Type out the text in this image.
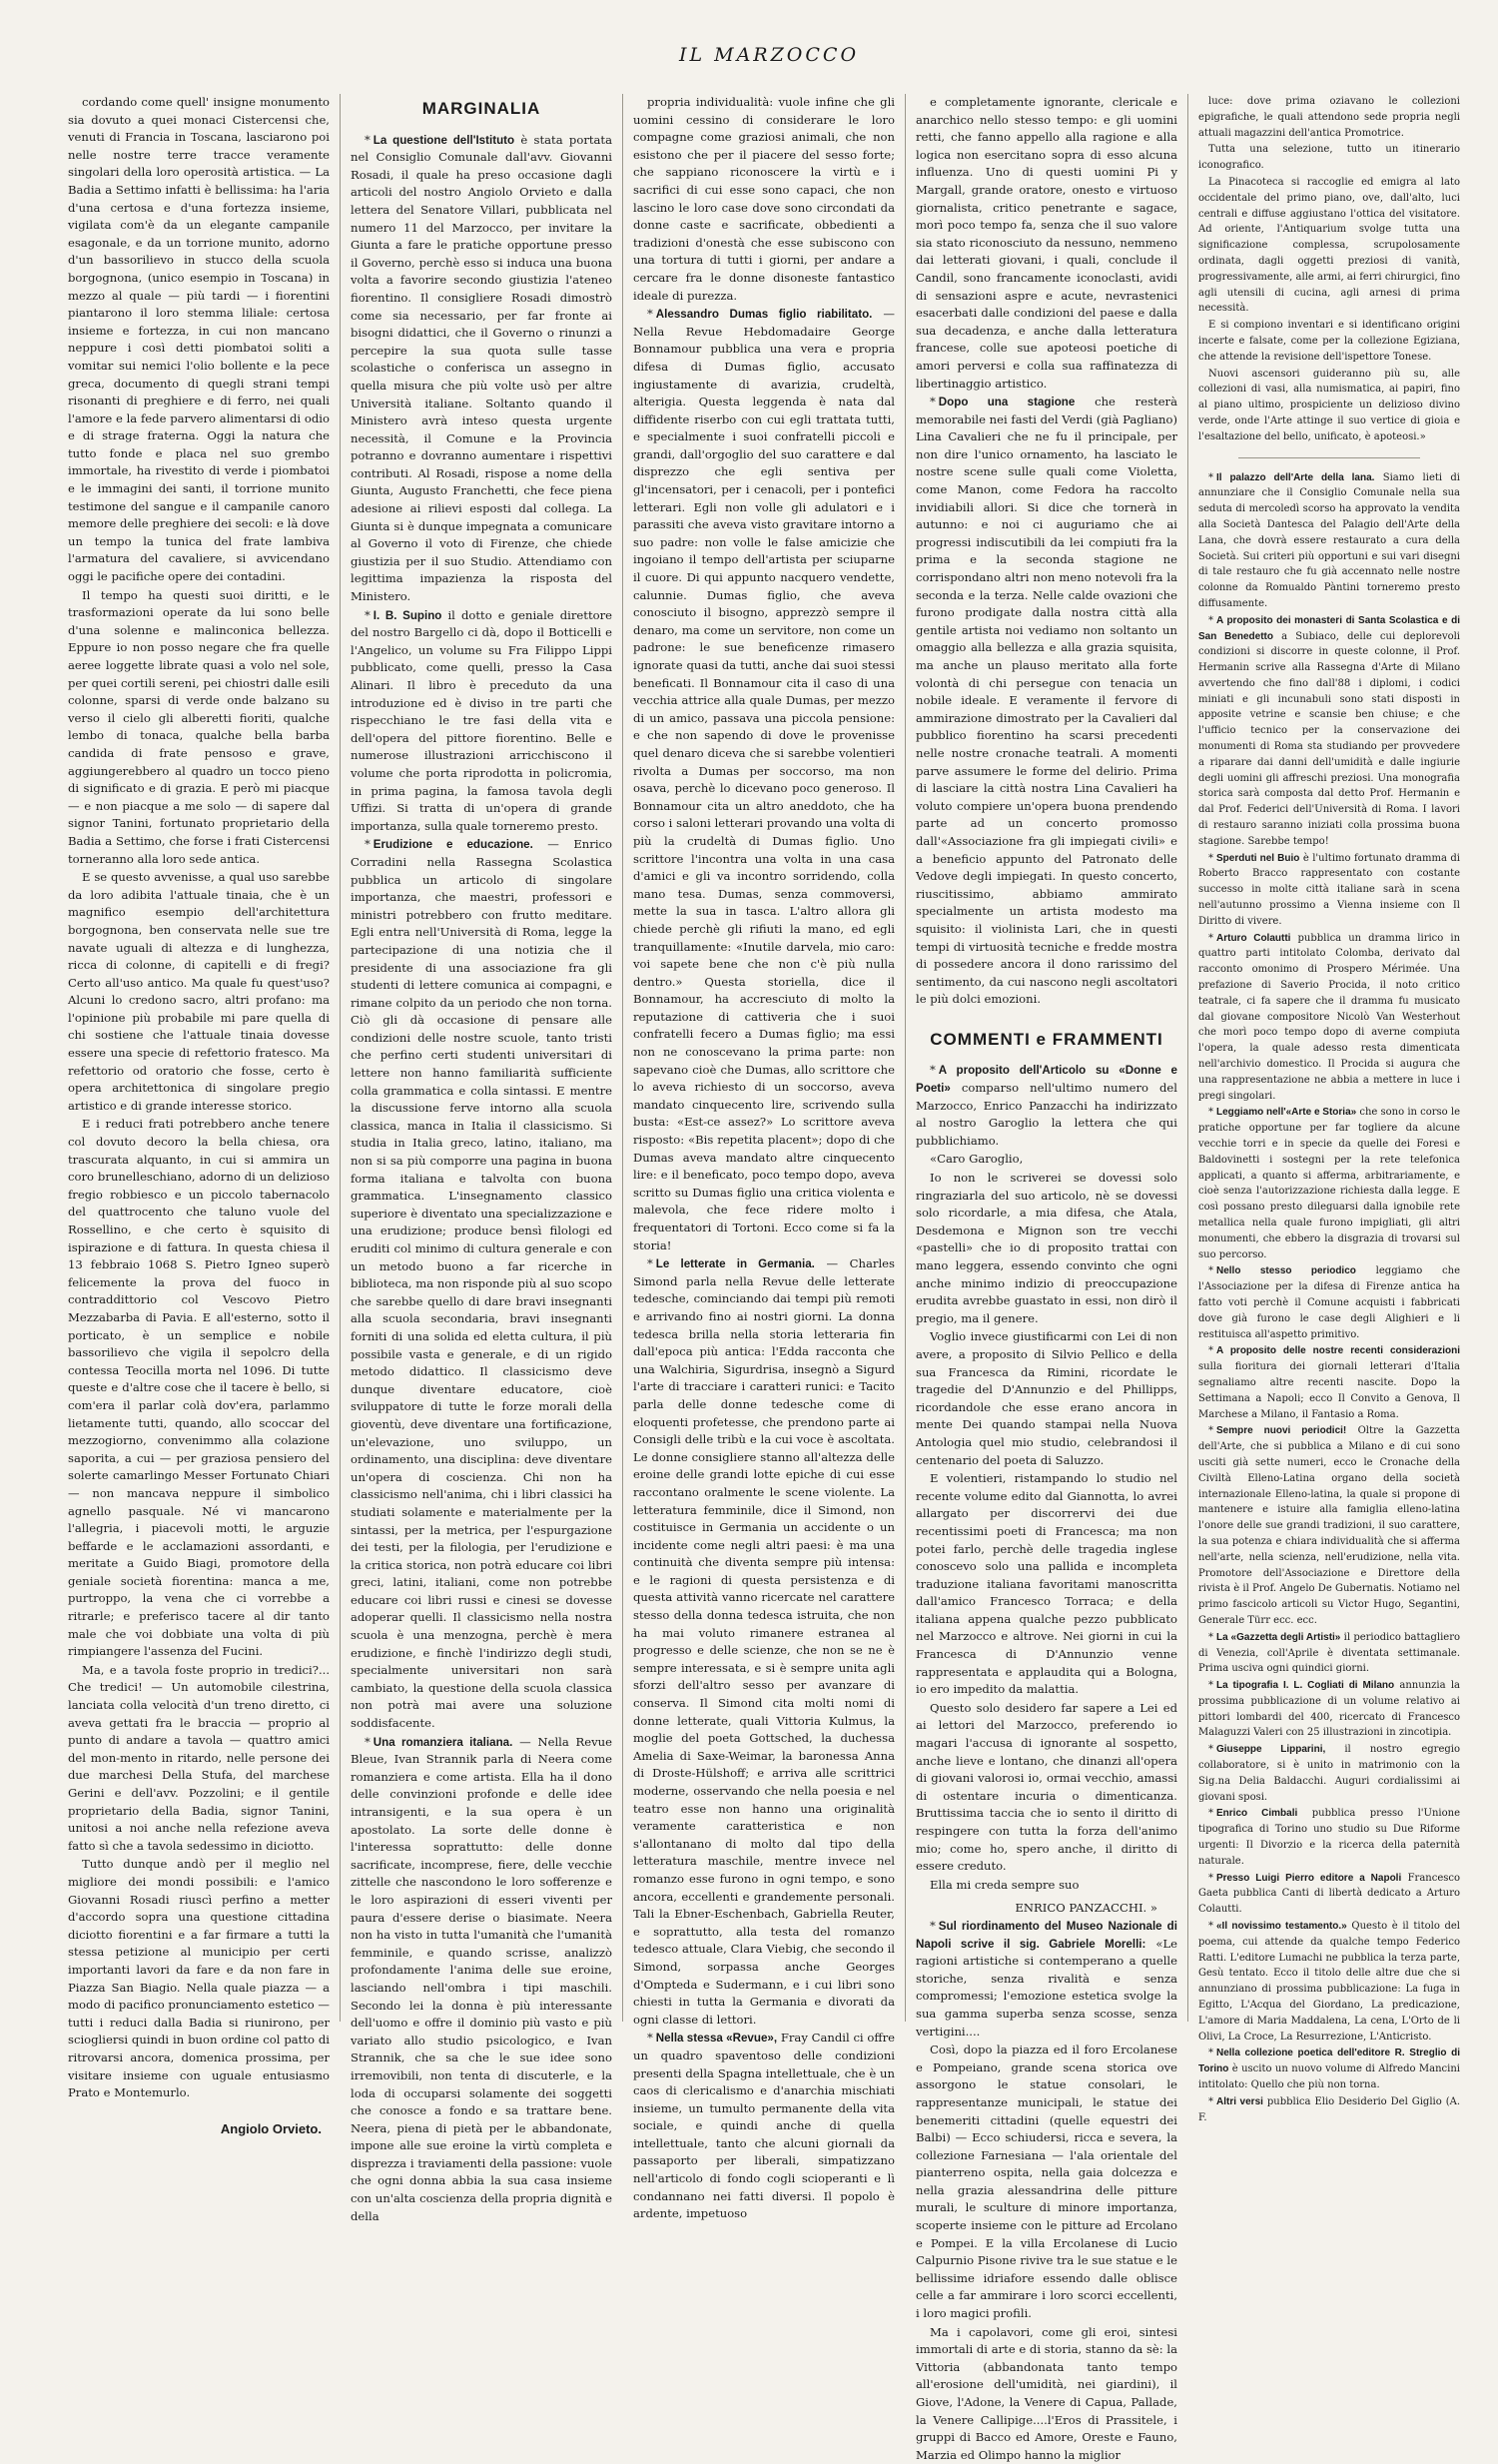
IL MARZOCCO

cordando come quell' insigne monumento sia dovuto a quei monaci Cistercensi che, venuti di Francia in Toscana, lasciarono poi nelle nostre terre tracce veramente singolari della loro operosità artistica. — La Badia a Settimo infatti è bellissima: ha l'aria d'una certosa e d'una fortezza insieme, vigilata com'è da un elegante campanile esagonale, e da un torrione munito, adorno d'un bassorilievo in stucco della scuola borgognona, (unico esempio in Toscana) in mezzo al quale — più tardi — i fiorentini piantarono il loro stemma liliale: certosa insieme e fortezza, in cui non mancano neppure i così detti piombatoi soliti a vomitar sui nemici l'olio bollente e la pece greca, documento di quegli strani tempi risonanti di preghiere e di ferro, nei quali l'amore e la fede parvero alimentarsi di odio e di strage fraterna. Oggi la natura che tutto fonde e placa nel suo grembo immortale, ha rivestito di verde i piombatoi e le immagini dei santi, il torrione munito testimone del sangue e il campanile canoro memore delle preghiere dei secoli: e là dove un tempo la tunica del frate lambiva l'armatura del cavaliere, si avvicendano oggi le pacifiche opere dei contadini.

Il tempo ha questi suoi diritti, e le trasformazioni operate da lui sono belle d'una solenne e malinconica bellezza. Eppure io non posso negare che fra quelle aeree loggette librate quasi a volo nel sole, per quei cortili sereni, pei chiostri dalle esili colonne, sparsi di verde onde balzano su verso il cielo gli alberetti fioriti, qualche lembo di tonaca, qualche bella barba candida di frate pensoso e grave, aggiungerebbero al quadro un tocco pieno di significato e di grazia. E però mi piacque — e non piacque a me solo — di sapere dal signor Tanini, fortunato proprietario della Badia a Settimo, che forse i frati Cistercensi torneranno alla loro sede antica.

E se questo avvenisse, a qual uso sarebbe da loro adibita l'attuale tinaia, che è un magnifico esempio dell'architettura borgognona, ben conservata nelle sue tre navate uguali di altezza e di lunghezza, ricca di colonne, di capitelli e di fregi? Certo all'uso antico. Ma quale fu quest'uso? Alcuni lo credono sacro, altri profano: ma l'opinione più probabile mi pare quella di chi sostiene che l'attuale tinaia dovesse essere una specie di refettorio fratesco. Ma refettorio od oratorio che fosse, certo è opera architettonica di singolare pregio artistico e di grande interesse storico.

E i reduci frati potrebbero anche tenere col dovuto decoro la bella chiesa, ora trascurata alquanto, in cui si ammira un coro brunelleschiano, adorno di un delizioso fregio robbiesco e un piccolo tabernacolo del quattrocento che taluno vuole del Rossellino, e che certo è squisito di ispirazione e di fattura. In questa chiesa il 13 febbraio 1068 S. Pietro Igneo superò felicemente la prova del fuoco in contraddittorio col Vescovo Pietro Mezzabarba di Pavia. E all'esterno, sotto il porticato, è un semplice e nobile bassorilievo che vigila il sepolcro della contessa Teocilla morta nel 1096. Di tutte queste e d'altre cose che il tacere è bello, si com'era il parlar colà dov'era, parlammo lietamente tutti, quando, allo scoccar del mezzogiorno, convenimmo alla colazione saporita, a cui — per graziosa pensiero del solerte camarlingo Messer Fortunato Chiari — non mancava neppure il simbolico agnello pasquale. Né vi mancarono l'allegria, i piacevoli motti, le arguzie beffarde e le acclamazioni assordanti, e meritate a Guido Biagi, promotore della geniale società fiorentina: manca a me, purtroppo, la vena che ci vorrebbe a ritrarle; e preferisco tacere al dir tanto male che voi dobbiate una volta di più rimpiangere l'assenza del Fucini.

Ma, e a tavola foste proprio in tredici?... Che tredici! — Un automobile cilestrina, lanciata colla velocità d'un treno diretto, ci aveva gettati fra le braccia — proprio al punto di andare a tavola — quattro amici del mon-mento in ritardo, nelle persone dei due marchesi Della Stufa, del marchese Gerini e dell'avv. Pozzolini; e il gentile proprietario della Badia, signor Tanini, unitosi a noi anche nella refezione aveva fatto sì che a tavola sedessimo in diciotto.

Tutto dunque andò per il meglio nel migliore dei mondi possibili: e l'amico Giovanni Rosadi riuscì perfino a metter d'accordo sopra una questione cittadina diciotto fiorentini e a far firmare a tutti la stessa petizione al municipio per certi importanti lavori da fare e da non fare in Piazza San Biagio. Nella quale piazza — a modo di pacifico pronunciamento estetico — tutti i reduci dalla Badia si riunirono, per sciogliersi quindi in buon ordine col patto di ritrovarsi ancora, domenica prossima, per visitare insieme con uguale entusiasmo Prato e Montemurlo.

Angiolo Orvieto.
MARGINALIA

* La questione dell'Istituto è stata portata nel Consiglio Comunale dall'avv. Giovanni Rosadi, il quale ha preso occasione dagli articoli del nostro Angiolo Orvieto e dalla lettera del Senatore Villari, pubblicata nel numero 11 del Marzocco, per invitare la Giunta a fare le pratiche opportune presso il Governo, perchè esso si induca una buona volta a favorire secondo giustizia l'ateneo fiorentino. Il consigliere Rosadi dimostrò come sia necessario, per far fronte ai bisogni didattici, che il Governo o rinunzi a percepire la sua quota sulle tasse scolastiche o conferisca un assegno in quella misura che più volte usò per altre Università italiane. Soltanto quando il Ministero avrà inteso questa urgente necessità, il Comune e la Provincia potranno e dovranno aumentare i rispettivi contributi. Al Rosadi, rispose a nome della Giunta, Augusto Franchetti, che fece piena adesione ai rilievi esposti dal collega. La Giunta si è dunque impegnata a comunicare al Governo il voto di Firenze, che chiede giustizia per il suo Studio. Attendiamo con legittima impazienza la risposta del Ministero.

* I. B. Supino il dotto e geniale direttore del nostro Bargello ci dà, dopo il Botticelli e l'Angelico, un volume su Fra Filippo Lippi pubblicato, come quelli, presso la Casa Alinari. Il libro è preceduto da una introduzione ed è diviso in tre parti che rispecchiano le tre fasi della vita e dell'opera del pittore fiorentino. Belle e numerose illustrazioni arricchiscono il volume che porta riprodotta in policromia, in prima pagina, la famosa tavola degli Uffizi. Si tratta di un'opera di grande importanza, sulla quale torneremo presto.

* Erudizione e educazione. — Enrico Corradini nella Rassegna Scolastica pubblica un articolo di singolare importanza, che maestri, professori e ministri potrebbero con frutto meditare. Egli entra nell'Università di Roma, legge la partecipazione di una notizia che il presidente di una associazione fra gli studenti di lettere comunica ai compagni, e rimane colpito da un periodo che non torna. Ciò gli dà occasione di pensare alle condizioni delle nostre scuole, tanto tristi che perfino certi studenti universitari di lettere non hanno familiarità sufficiente colla grammatica e colla sintassi. E mentre la discussione ferve intorno alla scuola classica, manca in Italia il classicismo. Si studia in Italia greco, latino, italiano, ma non si sa più comporre una pagina in buona forma italiana e talvolta con buona grammatica. L'insegnamento classico superiore è diventato una specializzazione e una erudizione; produce bensì filologi ed eruditi col minimo di cultura generale e con un metodo buono a far ricerche in biblioteca, ma non risponde più al suo scopo che sarebbe quello di dare bravi insegnanti alla scuola secondaria, bravi insegnanti forniti di una solida ed eletta cultura, il più possibile vasta e generale, e di un rigido metodo didattico. Il classicismo deve dunque diventare educatore, cioè sviluppatore di tutte le forze morali della gioventù, deve diventare una fortificazione, un'elevazione, uno sviluppo, un ordinamento, una disciplina: deve diventare un'opera di coscienza. Chi non ha classicismo nell'anima, chi i libri classici ha studiati solamente e materialmente per la sintassi, per la metrica, per l'espurgazione dei testi, per la filologia, per l'erudizione e la critica storica, non potrà educare coi libri greci, latini, italiani, come non potrebbe educare coi libri russi e cinesi se dovesse adoperar quelli. Il classicismo nella nostra scuola è una menzogna, perchè è mera erudizione, e finchè l'indirizzo degli studi, specialmente universitari non sarà cambiato, la questione della scuola classica non potrà mai avere una soluzione soddisfacente.

* Una romanziera italiana. — Nella Revue Bleue, Ivan Strannik parla di Neera come romanziera e come artista. Ella ha il dono delle convinzioni profonde e delle idee intransigenti, e la sua opera è un apostolato. La sorte delle donne è l'interessa soprattutto: delle donne sacrificate, incomprese, fiere, delle vecchie zittelle che nascondono le loro sofferenze e le loro aspirazioni di esseri viventi per paura d'essere derise o biasimate. Neera non ha visto in tutta l'umanità che l'umanità femminile, e quando scrisse, analizzò profondamente l'anima delle sue eroine, lasciando nell'ombra i tipi maschili. Secondo lei la donna è più interessante dell'uomo e offre il dominio più vasto e più variato allo studio psicologico, e Ivan Strannik, che sa che le sue idee sono irremovibili, non tenta di discuterle, e la loda di occuparsi solamente dei soggetti che conosce a fondo e sa trattare bene. Neera, piena di pietà per le abbandonate, impone alle sue eroine la virtù completa e disprezza i traviamenti della passione: vuole che ogni donna abbia la sua casa insieme con un'alta coscienza della propria dignità e della

propria individualità: vuole infine che gli uomini cessino di considerare le loro compagne come graziosi animali, che non esistono che per il piacere del sesso forte; che sappiano riconoscere la virtù e i sacrifici di cui esse sono capaci, che non lascino le loro case dove sono circondati da donne caste e sacrificate, obbedienti a tradizioni d'onestà che esse subiscono con una tortura di tutti i giorni, per andare a cercare fra le donne disoneste fantastico ideale di purezza.

* Alessandro Dumas figlio riabilitato. — Nella Revue Hebdomadaire George Bonnamour pubblica una vera e propria difesa di Dumas figlio, accusato ingiustamente di avarizia, crudeltà, alterigia. Questa leggenda è nata dal diffidente riserbo con cui egli trattata tutti, e specialmente i suoi confratelli piccoli e grandi, dall'orgoglio del suo carattere e dal disprezzo che egli sentiva per gl'incensatori, per i cenacoli, per i pontefici letterari. Egli non volle gli adulatori e i parassiti che aveva visto gravitare intorno a suo padre: non volle le false amicizie che ingoiano il tempo dell'artista per sciuparne il cuore. Di qui appunto nacquero vendette, calunnie. Dumas figlio, che aveva conosciuto il bisogno, apprezzò sempre il denaro, ma come un servitore, non come un padrone: le sue beneficenze rimasero ignorate quasi da tutti, anche dai suoi stessi beneficati. Il Bonnamour cita il caso di una vecchia attrice alla quale Dumas, per mezzo di un amico, passava una piccola pensione: e che non sapendo di dove le provenisse quel denaro diceva che si sarebbe volentieri rivolta a Dumas per soccorso, ma non osava, perchè lo dicevano poco generoso. Il Bonnamour cita un altro aneddoto, che ha corso i saloni letterari provando una volta di più la crudeltà di Dumas figlio. Uno scrittore l'incontra una volta in una casa d'amici e gli va incontro sorridendo, colla mano tesa. Dumas, senza commoversi, mette la sua in tasca. L'altro allora gli chiede perchè gli rifiuti la mano, ed egli tranquillamente: «Inutile darvela, mio caro: voi sapete bene che non c'è più nulla dentro.» Questa storiella, dice il Bonnamour, ha accresciuto di molto la reputazione di cattiveria che i suoi confratelli fecero a Dumas figlio; ma essi non ne conoscevano la prima parte: non sapevano cioè che Dumas, allo scrittore che lo aveva richiesto di un soccorso, aveva mandato cinquecento lire, scrivendo sulla busta: «Est-ce assez?» Lo scrittore aveva risposto: «Bis repetita placent»; dopo di che Dumas aveva mandato altre cinquecento lire: e il beneficato, poco tempo dopo, aveva scritto su Dumas figlio una critica violenta e malevola, che fece ridere molto i frequentatori di Tortoni. Ecco come si fa la storia!

* Le letterate in Germania. — Charles Simond parla nella Revue delle letterate tedesche, cominciando dai tempi più remoti e arrivando fino ai nostri giorni. La donna tedesca brilla nella storia letteraria fin dall'epoca più antica: l'Edda racconta che una Walchiria, Sigurdrisa, insegnò a Sigurd l'arte di tracciare i caratteri runici: e Tacito parla delle donne tedesche come di eloquenti profetesse, che prendono parte ai Consigli delle tribù e la cui voce è ascoltata. Le donne consigliere stanno all'altezza delle eroine delle grandi lotte epiche di cui esse raccontano oralmente le scene violente. La letteratura femminile, dice il Simond, non costituisce in Germania un accidente o un incidente come negli altri paesi: è ma una continuità che diventa sempre più intensa: e le ragioni di questa persistenza e di questa attività vanno ricercate nel carattere stesso della donna tedesca istruita, che non ha mai voluto rimanere estranea al progresso e delle scienze, che non se ne è sempre interessata, e si è sempre unita agli sforzi dell'altro sesso per avanzare di conserva. Il Simond cita molti nomi di donne letterate, quali Vittoria Kulmus, la moglie del poeta Gottsched, la duchessa Amelia di Saxe-Weimar, la baronessa Anna di Droste-Hülshoff; e arriva alle scrittrici moderne, osservando che nella poesia e nel teatro esse non hanno una originalità veramente caratteristica e non s'allontanano di molto dal tipo della letteratura maschile, mentre invece nel romanzo esse furono in ogni tempo, e sono ancora, eccellenti e grandemente personali. Tali la Ebner-Eschenbach, Gabriella Reuter, e soprattutto, alla testa del romanzo tedesco attuale, Clara Viebig, che secondo il Simond, sorpassa anche Georges d'Ompteda e Sudermann, e i cui libri sono chiesti in tutta la Germania e divorati da ogni classe di lettori.

* Nella stessa «Revue», Fray Candil ci offre un quadro spaventoso delle condizioni presenti della Spagna intellettuale, che è un caos di clericalismo e d'anarchia mischiati insieme, un tumulto permanente della vita sociale, e quindi anche di quella intellettuale, tanto che alcuni giornali da passaporto per liberali, simpatizzano nell'articolo di fondo cogli scioperanti e lì condannano nei fatti diversi. Il popolo è ardente, impetuoso

e completamente ignorante, clericale e anarchico nello stesso tempo: e gli uomini retti, che fanno appello alla ragione e alla logica non esercitano sopra di esso alcuna influenza. Uno di questi uomini Pi y Margall, grande oratore, onesto e virtuoso giornalista, critico penetrante e sagace, morì poco tempo fa, senza che il suo valore sia stato riconosciuto da nessuno, nemmeno dai letterati giovani, i quali, conclude il Candil, sono francamente iconoclasti, avidi di sensazioni aspre e acute, nevrastenici esacerbati dalle condizioni del paese e dalla sua decadenza, e anche dalla letteratura francese, colle sue apoteosi poetiche di amori perversi e colla sua raffinatezza di libertinaggio artistico.

* Dopo una stagione che resterà memorabile nei fasti del Verdi (già Pagliano) Lina Cavalieri che ne fu il principale, per non dire l'unico ornamento, ha lasciato le nostre scene sulle quali come Violetta, come Manon, come Fedora ha raccolto invidiabili allori. Si dice che tornerà in autunno: e noi ci auguriamo che ai progressi indiscutibili da lei compiuti fra la prima e la seconda stagione ne corrispondano altri non meno notevoli fra la seconda e la terza. Nelle calde ovazioni che furono prodigate dalla nostra città alla gentile artista noi vediamo non soltanto un omaggio alla bellezza e alla grazia squisita, ma anche un plauso meritato alla forte volontà di chi persegue con tenacia un nobile ideale. E veramente il fervore di ammirazione dimostrato per la Cavalieri dal pubblico fiorentino ha scarsi precedenti nelle nostre cronache teatrali. A momenti parve assumere le forme del delirio. Prima di lasciare la città nostra Lina Cavalieri ha voluto compiere un'opera buona prendendo parte ad un concerto promosso dall'«Associazione fra gli impiegati civili» e a beneficio appunto del Patronato delle Vedove degli impiegati. In questo concerto, riuscitissimo, abbiamo ammirato specialmente un artista modesto ma squisito: il violinista Lari, che in questi tempi di virtuosità tecniche e fredde mostra di possedere ancora il dono rarissimo del sentimento, da cui nascono negli ascoltatori le più dolci emozioni.

COMMENTI e FRAMMENTI

* A proposito dell'Articolo su «Donne e Poeti» comparso nell'ultimo numero del Marzocco, Enrico Panzacchi ha indirizzato al nostro Garoglio la lettera che qui pubblichiamo.

«Caro Garoglio,

Io non le scriverei se dovessi solo ringraziarla del suo articolo, nè se dovessi solo ricordarle, a mia difesa, che Atala, Desdemona e Mignon son tre vecchi «pastelli» che io di proposito trattai con mano leggera, essendo convinto che ogni anche minimo indizio di preoccupazione erudita avrebbe guastato in essi, non dirò il pregio, ma il genere.

Voglio invece giustificarmi con Lei di non avere, a proposito di Silvio Pellico e della sua Francesca da Rimini, ricordate le tragedie del D'Annunzio e del Phillipps, ricordandole che esse erano ancora in mente Dei quando stampai nella Nuova Antologia quel mio studio, celebrandosi il centenario del poeta di Saluzzo.

E volentieri, ristampando lo studio nel recente volume edito dal Giannotta, lo avrei allargato per discorrervi dei due recentissimi poeti di Francesca; ma non potei farlo, perchè delle tragedia inglese conoscevo solo una pallida e incompleta traduzione italiana favoritami manoscritta dall'amico Francesco Torraca; e della italiana appena qualche pezzo pubblicato nel Marzocco e altrove. Nei giorni in cui la Francesca di D'Annunzio venne rappresentata e applaudita qui a Bologna, io ero impedito da malattia.

Questo solo desidero far sapere a Lei ed ai lettori del Marzocco, preferendo io magari l'accusa di ignorante al sospetto, anche lieve e lontano, che dinanzi all'opera di giovani valorosi io, ormai vecchio, amassi di ostentare incuria o dimenticanza. Bruttissima taccia che io sento il diritto di respingere con tutta la forza dell'animo mio; come ho, spero anche, il diritto di essere creduto.

Ella mi creda sempre suo

ENRICO PANZACCHI. »

* Sul riordinamento del Museo Nazionale di Napoli scrive il sig. Gabriele Morelli: «Le ragioni artistiche si contemperano a quelle storiche, senza rivalità e senza compromessi; l'emozione estetica svolge la sua gamma superba senza scosse, senza vertigini....

Così, dopo la piazza ed il foro Ercolanese e Pompeiano, grande scena storica ove assorgono le statue consolari, le rappresentanze municipali, le statue dei benemeriti cittadini (quelle equestri dei Balbi) — Ecco schiudersi, ricca e severa, la collezione Farnesiana — l'ala orientale del pianterreno ospita, nella gaia dolcezza e nella grazia alessandrina delle pitture murali, le sculture di minore importanza, scoperte insieme con le pitture ad Ercolano e Pompei. E la villa Ercolanese di Lucio Calpurnio Pisone rivive tra le sue statue e le bellissime idriafore essendo dalle oblisce celle a far ammirare i loro scorci eccellenti, i loro magici profili.

Ma i capolavori, come gli eroi, sintesi immortali di arte e di storia, stanno da sè: la Vittoria (abbandonata tanto tempo all'erosione dell'umidità, nei giardini), il Giove, l'Adone, la Venere di Capua, Pallade, la Venere Callipige....l'Eros di Prassitele, i gruppi di Bacco ed Amore, Oreste e Fauno, Marzia ed Olimpo hanno la miglior

luce: dove prima oziavano le collezioni epigrafiche, le quali attendono sede propria negli attuali magazzini dell'antica Promotrice.

Tutta una selezione, tutto un itinerario iconografico.

La Pinacoteca si raccoglie ed emigra al lato occidentale del primo piano, ove, dall'alto, luci centrali e diffuse aggiustano l'ottica del visitatore. Ad oriente, l'Antiquarium svolge tutta una significazione complessa, scrupolosamente ordinata, dagli oggetti preziosi di vanità, progressivamente, alle armi, ai ferri chirurgici, fino agli utensili di cucina, agli arnesi di prima necessità.

E si compiono inventari e si identificano origini incerte e falsate, come per la collezione Egiziana, che attende la revisione dell'ispettore Tonese.

Nuovi ascensori guideranno più su, alle collezioni di vasi, alla numismatica, ai papiri, fino al piano ultimo, prospiciente un delizioso divino verde, onde l'Arte attinge il suo vertice di gioia e l'esaltazione del bello, unificato, è apoteosi.»

* Il palazzo dell'Arte della lana. Siamo lieti di annunziare che il Consiglio Comunale nella sua seduta di mercoledì scorso ha approvato la vendita alla Società Dantesca del Palagio dell'Arte della Lana, che dovrà essere restaurato a cura della Società. Sui criteri più opportuni e sui vari disegni di tale restauro che fu già accennato nelle nostre colonne da Romualdo Pàntini torneremo presto diffusamente.

* A proposito dei monasteri di Santa Scolastica e di San Benedetto a Subiaco, delle cui deplorevoli condizioni si discorre in queste colonne, il Prof. Hermanin scrive alla Rassegna d'Arte di Milano avvertendo che fino dall'88 i diplomi, i codici miniati e gli incunabuli sono stati disposti in apposite vetrine e scansie ben chiuse; e che l'ufficio tecnico per la conservazione dei monumenti di Roma sta studiando per provvedere a riparare dai danni dell'umidità e dalle ingiurie degli uomini gli affreschi preziosi. Una monografia storica sarà composta dal detto Prof. Hermanin e dal Prof. Federici dell'Università di Roma. I lavori di restauro saranno iniziati colla prossima buona stagione. Sarebbe tempo!

* Sperduti nel Buio è l'ultimo fortunato dramma di Roberto Bracco rappresentato con costante successo in molte città italiane sarà in scena nell'autunno prossimo a Vienna insieme con Il Diritto di vivere.

* Arturo Colautti pubblica un dramma lirico in quattro parti intitolato Colomba, derivato dal racconto omonimo di Prospero Mérimée. Una prefazione di Saverio Procida, il noto critico teatrale, ci fa sapere che il dramma fu musicato dal giovane compositore Nicolò Van Westerhout che morì poco tempo dopo di averne compiuta l'opera, la quale adesso resta dimenticata nell'archivio domestico. Il Procida si augura che una rappresentazione ne abbia a mettere in luce i pregi singolari.

* Leggiamo nell'«Arte e Storia» che sono in corso le pratiche opportune per far togliere da alcune vecchie torri e in specie da quelle dei Foresi e Baldovinetti i sostegni per la rete telefonica applicati, a quanto si afferma, arbitrariamente, e cioè senza l'autorizzazione richiesta dalla legge. E così possano presto dileguarsi dalla ignobile rete metallica nella quale furono impigliati, gli altri monumenti, che ebbero la disgrazia di trovarsi sul suo percorso.

* Nello stesso periodico leggiamo che l'Associazione per la difesa di Firenze antica ha fatto voti perchè il Comune acquisti i fabbricati dove già furono le case degli Alighieri e li restituisca all'aspetto primitivo.

* A proposito delle nostre recenti considerazioni sulla fioritura dei giornali letterari d'Italia segnaliamo altre recenti nascite. Dopo la Settimana a Napoli; ecco Il Convito a Genova, Il Marchese a Milano, il Fantasio a Roma.

* Sempre nuovi periodici! Oltre la Gazzetta dell'Arte, che si pubblica a Milano e di cui sono usciti già sette numeri, ecco le Cronache della Civiltà Elleno-Latina organo della società internazionale Elleno-latina, la quale si propone di mantenere e istuire alla famiglia elleno-latina l'onore delle sue grandi tradizioni, il suo carattere, la sua potenza e chiara individualità che si afferma nell'arte, nella scienza, nell'erudizione, nella vita. Promotore dell'Associazione e Direttore della rivista è il Prof. Angelo De Gubernatis. Notiamo nel primo fascicolo articoli su Victor Hugo, Segantini, Generale Türr ecc. ecc.

* La «Gazzetta degli Artisti» il periodico battagliero di Venezia, coll'Aprile è diventata settimanale. Prima usciva ogni quindici giorni.

* La tipografia I. L. Cogliati di Milano annunzia la prossima pubblicazione di un volume relativo ai pittori lombardi del 400, ricercato di Francesco Malaguzzi Valeri con 25 illustrazioni in zincotipia.

* Giuseppe Lipparini, il nostro egregio collaboratore, si è unito in matrimonio con la Sig.na Delia Baldacchi. Auguri cordialissimi ai giovani sposi.

* Enrico Cimbali pubblica presso l'Unione tipografica di Torino uno studio su Due Riforme urgenti: Il Divorzio e la ricerca della paternità naturale.

* Presso Luigi Pierro editore a Napoli Francesco Gaeta pubblica Canti di libertà dedicato a Arturo Colautti.

* «Il novissimo testamento.» Questo è il titolo del poema, cui attende da qualche tempo Federico Ratti. L'editore Lumachi ne pubblica la terza parte, Gesù tentato. Ecco il titolo delle altre due che si annunziano di prossima pubblicazione: La fuga in Egitto, L'Acqua del Giordano, La predicazione, L'amore di Maria Maddalena, La cena, L'Orto de li Olivi, La Croce, La Resurrezione, L'Anticristo.

* Nella collezione poetica dell'editore R. Streglio di Torino è uscito un nuovo volume di Alfredo Mancini intitolato: Quello che più non torna.

* Altri versi pubblica Elio Desiderio Del Giglio (A. F.
